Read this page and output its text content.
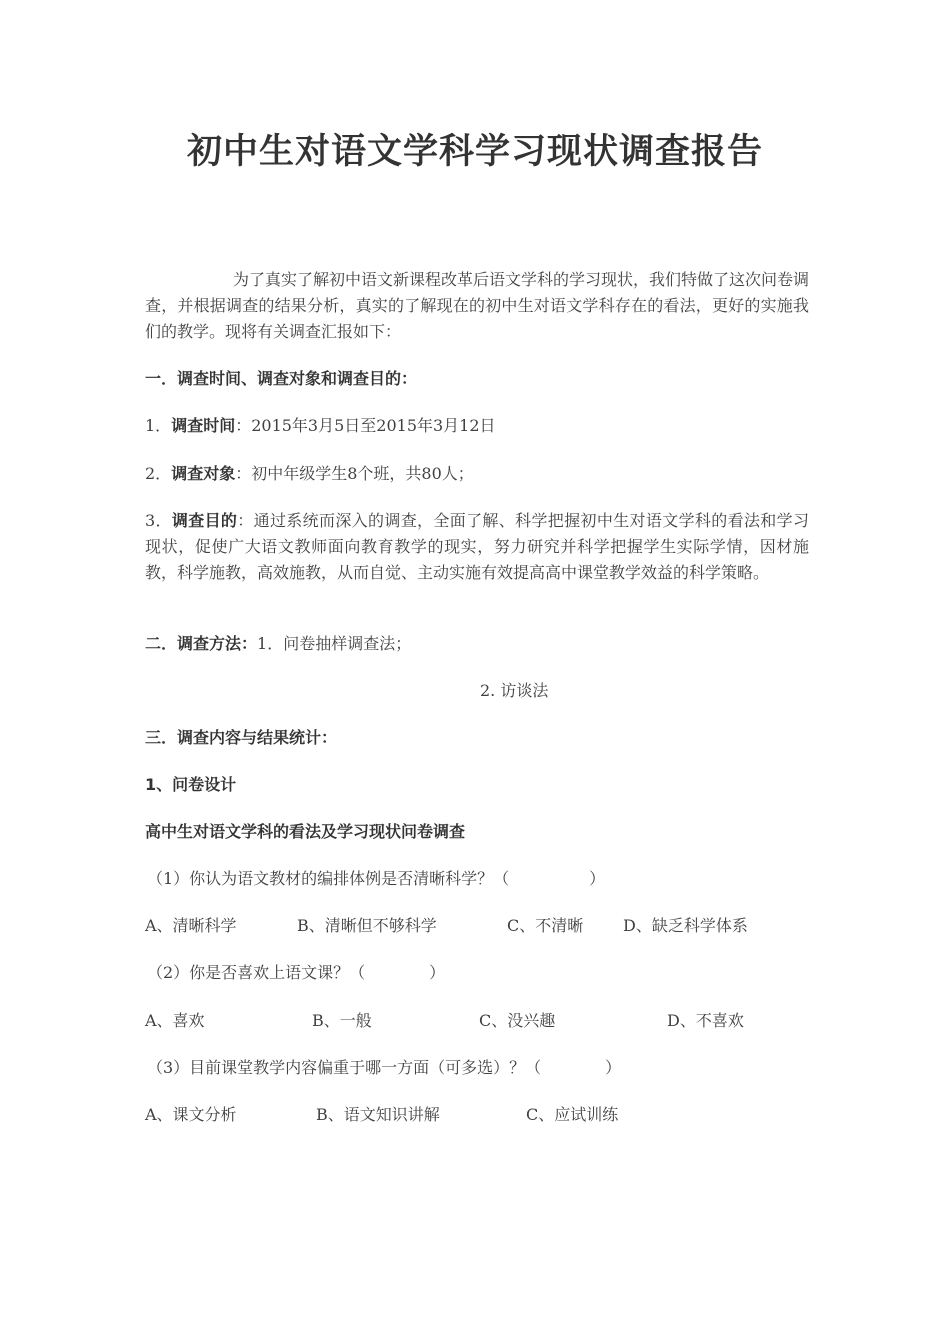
初中生对语文学科学习现状调查报告
为了真实了解初中语文新课程改革后语文学科的学习现状，我们特做了这次问卷调查，并根据调查的结果分析，真实的了解现在的初中生对语文学科存在的看法，更好的实施我们的教学。现将有关调查汇报如下：
一．调查时间、调查对象和调查目的：
1．调查时间：2015年3月5日至2015年3月12日
2．调查对象：初中年级学生8个班，共80人；
3．调查目的：通过系统而深入的调查，全面了解、科学把握初中生对语文学科的看法和学习现状，促使广大语文教师面向教育教学的现实，努力研究并科学把握学生实际学情，因材施教，科学施教，高效施教，从而自觉、主动实施有效提高高中课堂教学效益的科学策略。
二．调查方法：1．问卷抽样调查法；
2. 访谈法
三．调查内容与结果统计：
1、问卷设计
高中生对语文学科的看法及学习现状问卷调查
（1）你认为语文教材的编排体例是否清晰科学？（　　　　　）
A、清晰科学	B、清晰但不够科学	C、不清晰 D、缺乏科学体系
（2）你是否喜欢上语文课？（　　　　）
A、喜欢	B、一般	C、没兴趣	D、不喜欢
（3）目前课堂教学内容偏重于哪一方面（可多选）？（　　　　）
A、课文分析	B、语文知识讲解	C、应试训练
